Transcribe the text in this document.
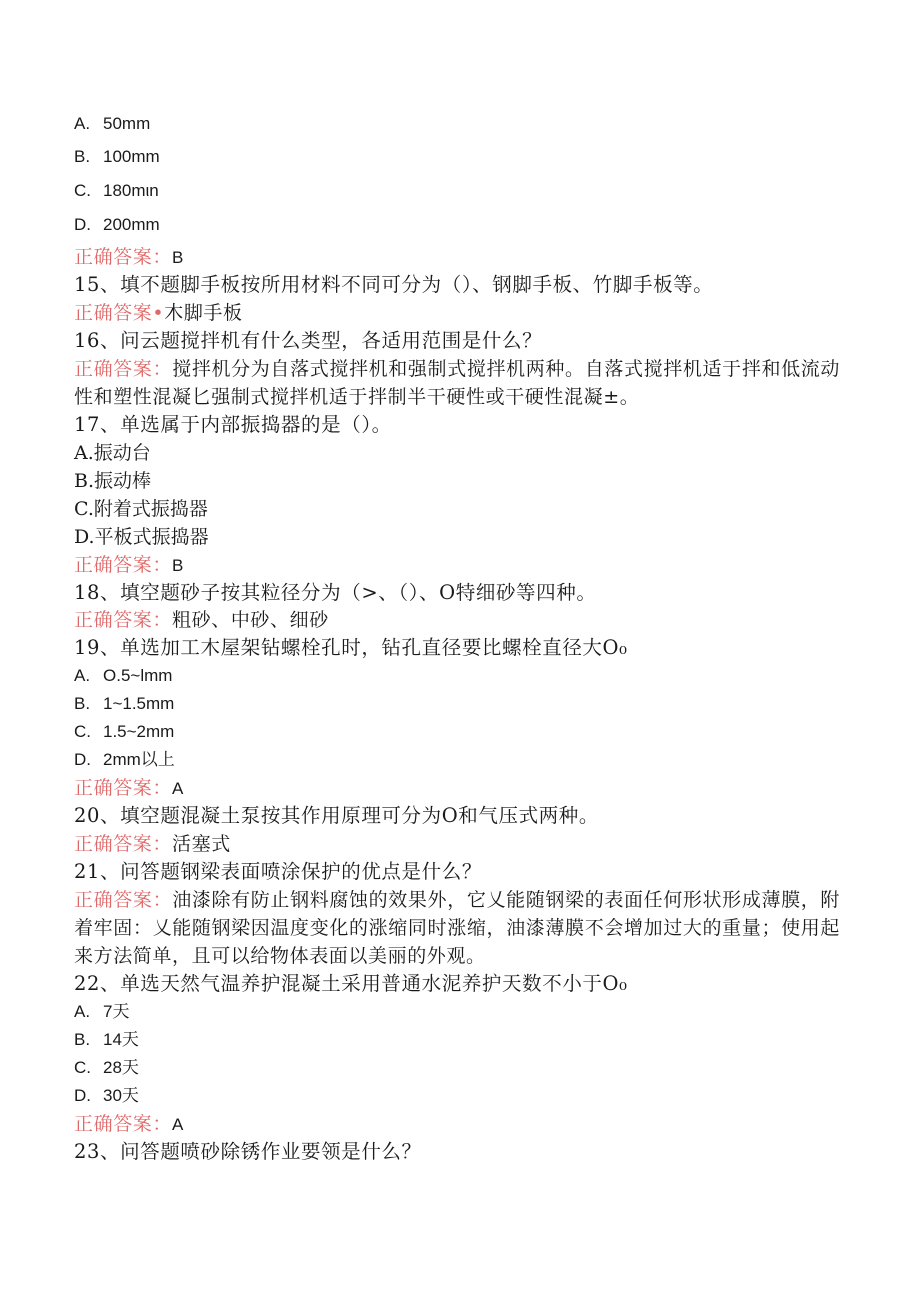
A. 50mm
B. 100mm
C. 180mιn
D. 200mm
正确答案：B
15、填不题脚手板按所用材料不同可分为（）、钢脚手板、竹脚手板等。
正确答案•木脚手板
16、问云题搅拌机有什么类型，各适用范围是什么？
正确答案：搅拌机分为自落式搅拌机和强制式搅拌机两种。自落式搅拌机适于拌和低流动性和塑性混凝匕强制式搅拌机适于拌制半干硬性或干硬性混凝±。
17、单选属于内部振捣器的是（）。
A.振动台
B.振动棒
C.附着式振捣器
D.平板式振捣器
正确答案：B
18、填空题砂子按其粒径分为（>、（）、O特细砂等四种。
正确答案：粗砂、中砂、细砂
19、单选加工木屋架钻螺栓孔时，钻孔直径要比螺栓直径大O₀
A. O.5~lmm
B. 1~1.5mm
C. 1.5~2mm
D. 2mm以上
正确答案：A
20、填空题混凝土泵按其作用原理可分为O和气压式两种。
正确答案：活塞式
21、问答题钢梁表面喷涂保护的优点是什么？
正确答案：油漆除有防止钢料腐蚀的效果外，它乂能随钢梁的表面任何形状形成薄膜，附着牢固：乂能随钢梁因温度变化的涨缩同时涨缩，油漆薄膜不会增加过大的重量；使用起来方法简单，且可以给物体表面以美丽的外观。
22、单选天然气温养护混凝土采用普通水泥养护天数不小于O₀
A. 7天
B. 14天
C. 28天
D. 30天
正确答案：A
23、问答题喷砂除锈作业要领是什么？
